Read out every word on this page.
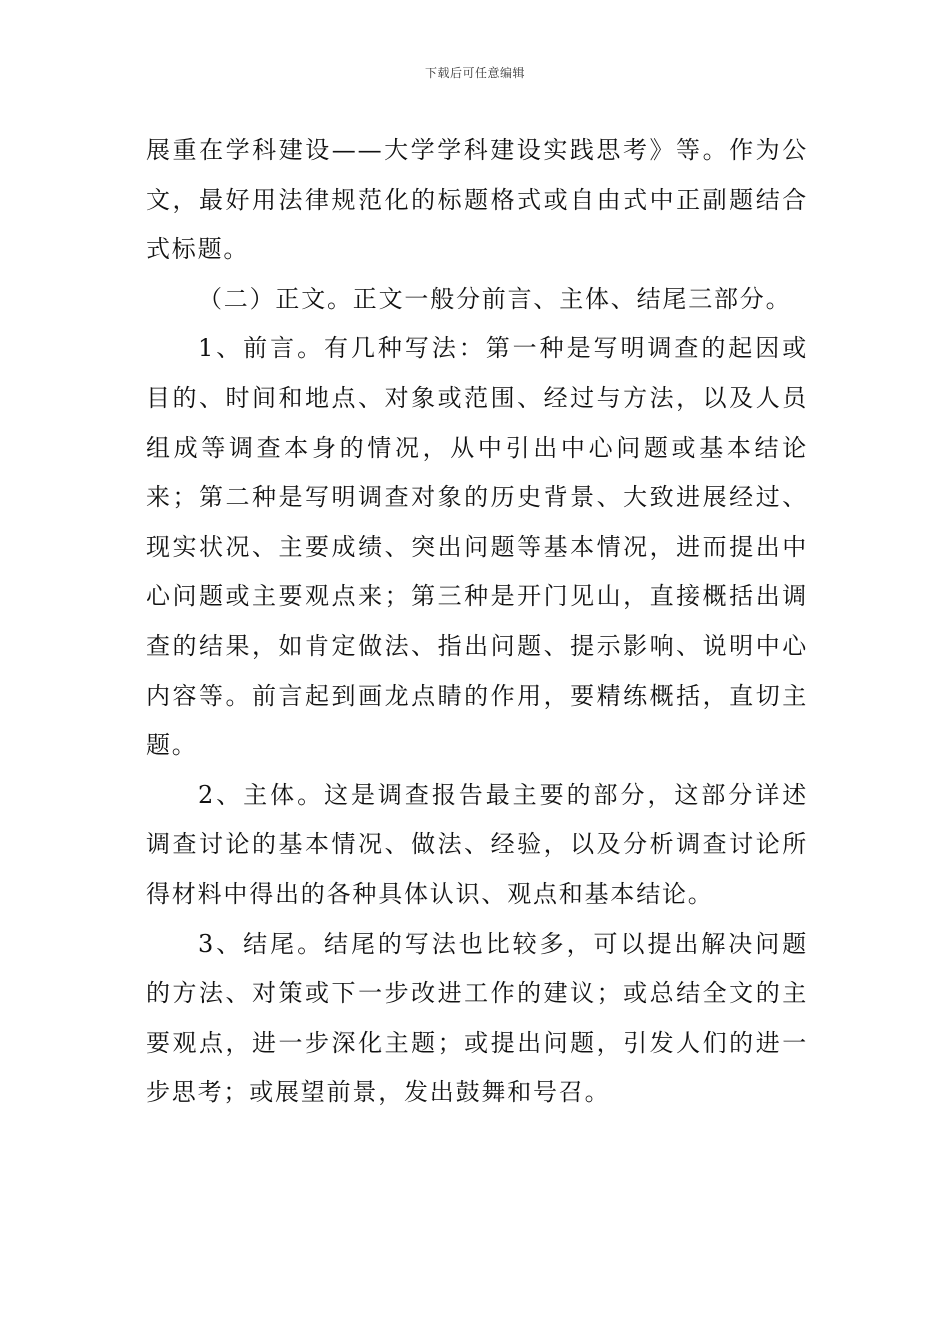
下载后可任意编辑

展重在学科建设——大学学科建设实践思考》等。作为公文，最好用法律规范化的标题格式或自由式中正副题结合式标题。

（二）正文。正文一般分前言、主体、结尾三部分。

1、前言。有几种写法：第一种是写明调查的起因或目的、时间和地点、对象或范围、经过与方法，以及人员组成等调查本身的情况，从中引出中心问题或基本结论来；第二种是写明调查对象的历史背景、大致进展经过、现实状况、主要成绩、突出问题等基本情况，进而提出中心问题或主要观点来；第三种是开门见山，直接概括出调查的结果，如肯定做法、指出问题、提示影响、说明中心内容等。前言起到画龙点睛的作用，要精练概括，直切主题。

2、主体。这是调查报告最主要的部分，这部分详述调查讨论的基本情况、做法、经验，以及分析调查讨论所得材料中得出的各种具体认识、观点和基本结论。

3、结尾。结尾的写法也比较多，可以提出解决问题的方法、对策或下一步改进工作的建议；或总结全文的主要观点，进一步深化主题；或提出问题，引发人们的进一步思考；或展望前景，发出鼓舞和号召。
